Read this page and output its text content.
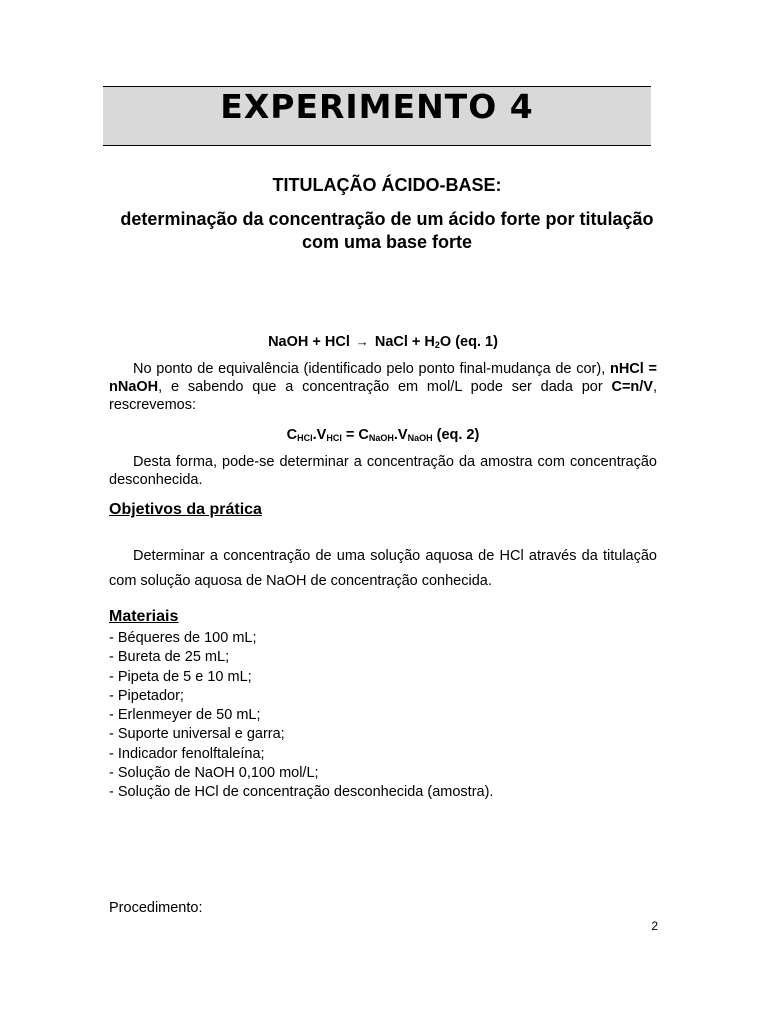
EXPERIMENTO 4
TITULAÇÃO ÁCIDO-BASE:
determinação da concentração de um ácido forte por titulação com uma base forte
NaOH + HCl → NaCl + $H_2O$ (eq. 1)
No ponto de equivalência (identificado pelo ponto final-mudança de cor), nHCl = nNaOH, e sabendo que a concentração em mol/L pode ser dada por C=n/V, rescrevemos:
$C_{HCl}.V_{HCl} = C_{NaOH}.V_{NaOH}$ (eq. 2)
Desta forma, pode-se determinar a concentração da amostra com concentração desconhecida.
Objetivos da prática
Determinar a concentração de uma solução aquosa de HCl através da titulação com solução aquosa de NaOH de concentração conhecida.
Materiais
- Béqueres de 100 mL;
- Bureta de 25 mL;
- Pipeta de 5 e 10 mL;
- Pipetador;
- Erlenmeyer de 50 mL;
- Suporte universal e garra;
- Indicador fenolftaleína;
- Solução de NaOH 0,100 mol/L;
- Solução de HCl de concentração desconhecida (amostra).
Procedimento:
2
